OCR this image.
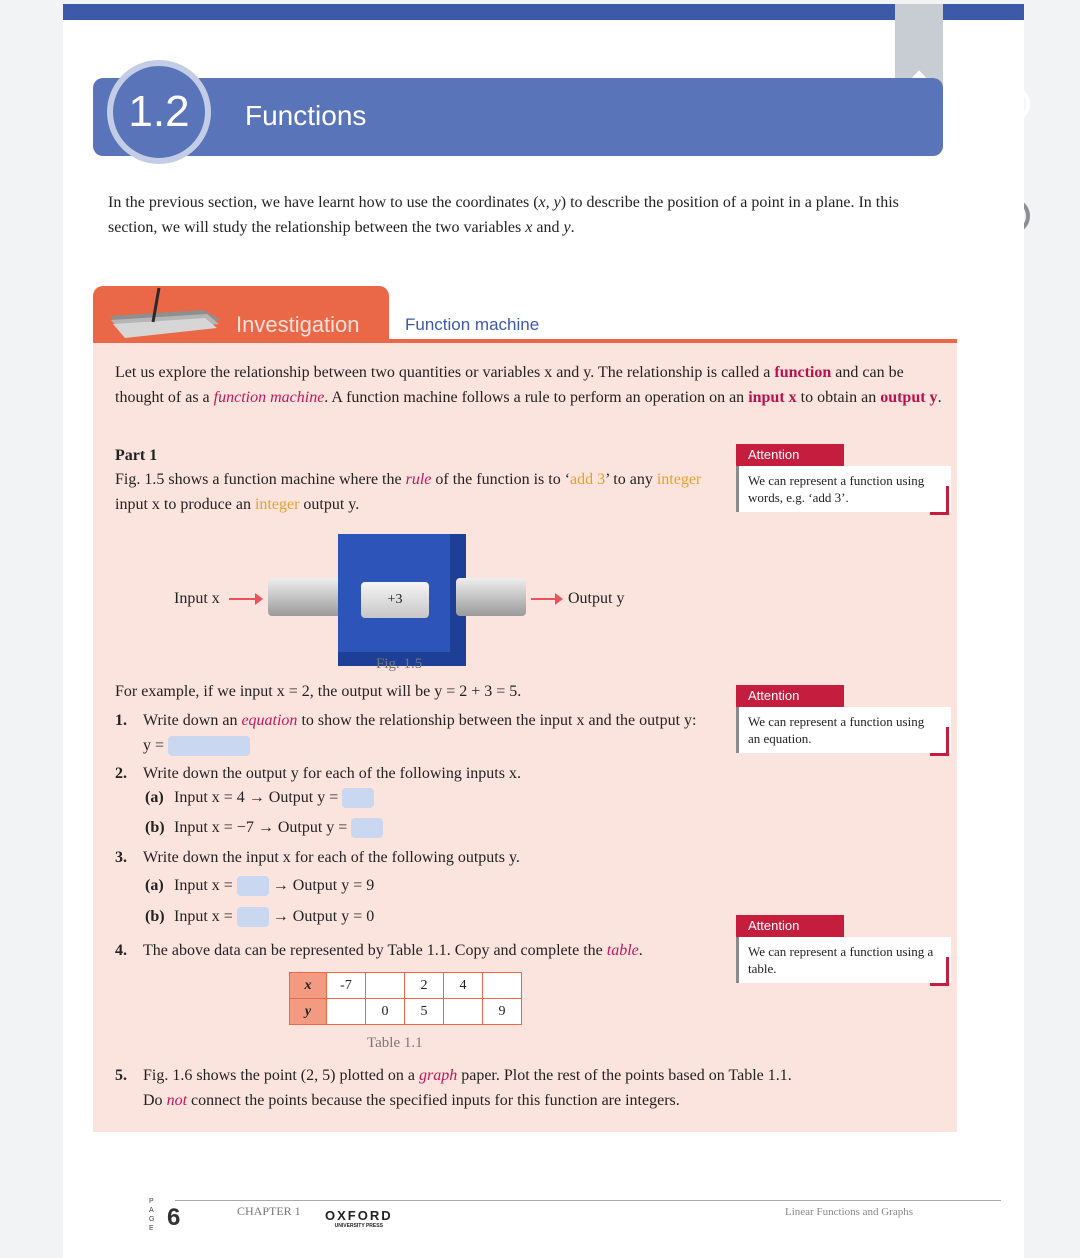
1.2	Functions
In the previous section, we have learnt how to use the coordinates (x, y) to describe the position of a point in a plane. In this section, we will study the relationship between the two variables x and y.
Investigation	Function machine
Let us explore the relationship between two quantities or variables x and y. The relationship is called a function and can be thought of as a function machine. A function machine follows a rule to perform an operation on an input x to obtain an output y.
Part 1
Fig. 1.5 shows a function machine where the rule of the function is to ‘add 3’ to any integer input x to produce an integer output y.
Input x	+3	Output y
Fig. 1.5
For example, if we input x = 2, the output will be y = 2 + 3 = 5.
1. Write down an equation to show the relationship between the input x and the output y: y =
2. Write down the output y for each of the following inputs x.
(a) Input x = 4 → Output y =
(b) Input x = −7 → Output y =
3. Write down the input x for each of the following outputs y.
(a) Input x =	→ Output y = 9
(b) Input x =	→ Output y = 0
4. The above data can be represented by Table 1.1. Copy and complete the table.
x	-7		2	4	
y		0	5		9
Table 1.1
5. Fig. 1.6 shows the point (2, 5) plotted on a graph paper. Plot the rest of the points based on Table 1.1.
Do not connect the points because the specified inputs for this function are integers.
Attention
We can represent a function using words, e.g. ‘add 3’.
Attention
We can represent a function using an equation.
Attention
We can represent a function using a table.
PAGE 6	CHAPTER 1 OXFORD
UNIVERSITY PRESS
Linear Functions and Graphs
